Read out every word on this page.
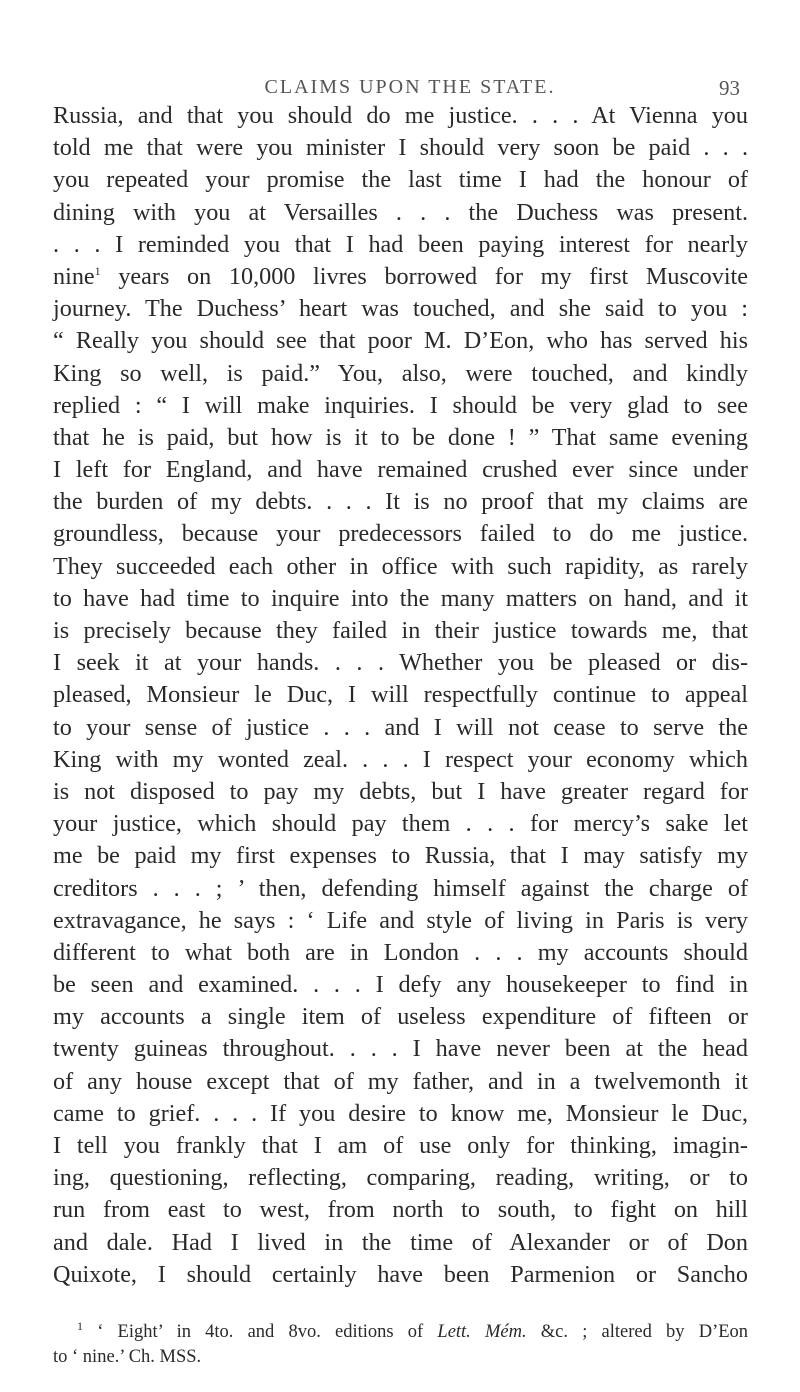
CLAIMS UPON THE STATE.	93
Russia, and that you should do me justice. . . . At Vienna you
told me that were you minister I should very soon be paid . . .
you repeated your promise the last time I had the honour of
dining with you at Versailles . . . the Duchess was present.
. . . I reminded you that I had been paying interest for nearly
nine$^1$ years on 10,000 livres borrowed for my first Muscovite
journey. The Duchess’ heart was touched, and she said to you :
“ Really you should see that poor M. D’Eon, who has served his
King so well, is paid.” You, also, were touched, and kindly
replied : “ I will make inquiries. I should be very glad to see
that he is paid, but how is it to be done ! ” That same evening
I left for England, and have remained crushed ever since under
the burden of my debts. . . . It is no proof that my claims are
groundless, because your predecessors failed to do me justice.
They succeeded each other in office with such rapidity, as rarely
to have had time to inquire into the many matters on hand, and it
is precisely because they failed in their justice towards me, that
I seek it at your hands. . . . Whether you be pleased or dis-
pleased, Monsieur le Duc, I will respectfully continue to appeal
to your sense of justice . . . and I will not cease to serve the
King with my wonted zeal. . . . I respect your economy which
is not disposed to pay my debts, but I have greater regard for
your justice, which should pay them . . . for mercy’s sake let
me be paid my first expenses to Russia, that I may satisfy my
creditors . . . ; ’ then, defending himself against the charge of
extravagance, he says : ‘ Life and style of living in Paris is very
different to what both are in London . . . my accounts should
be seen and examined. . . . I defy any housekeeper to find in
my accounts a single item of useless expenditure of fifteen or
twenty guineas throughout. . . . I have never been at the head
of any house except that of my father, and in a twelvemonth it
came to grief. . . . If you desire to know me, Monsieur le Duc,
I tell you frankly that I am of use only for thinking, imagin-
ing, questioning, reflecting, comparing, reading, writing, or to
run from east to west, from north to south, to fight on hill
and dale. Had I lived in the time of Alexander or of Don
Quixote, I should certainly have been Parmenion or Sancho
$^1$ ‘ Eight’ in 4to. and 8vo. editions of Lett. Mém. &c. ; altered by D’Eon
to ‘ nine.’ Ch. MSS.
